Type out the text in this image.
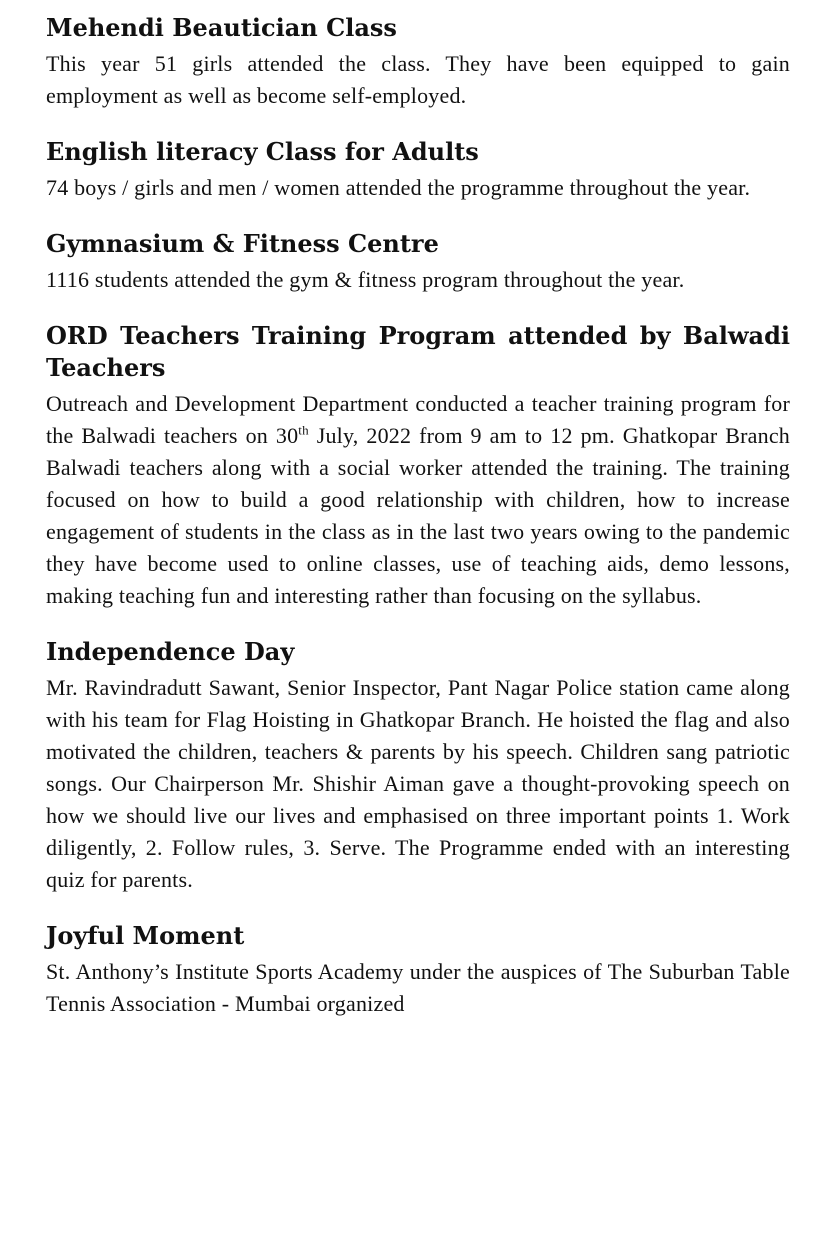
Mehendi Beautician Class

This year 51 girls attended the class. They have been equipped to gain employment as well as become self-employed.

English literacy Class for Adults

74 boys / girls and men / women attended the programme throughout the year.

Gymnasium & Fitness Centre

1116 students attended the gym & fitness program throughout the year.

ORD Teachers Training Program attended by Balwadi Teachers

Outreach and Development Department conducted a teacher training program for the Balwadi teachers on 30th July, 2022 from 9 am to 12 pm. Ghatkopar Branch Balwadi teachers along with a social worker attended the training. The training focused on how to build a good relationship with children, how to increase engagement of students in the class as in the last two years owing to the pandemic they have become used to online classes, use of teaching aids, demo lessons, making teaching fun and interesting rather than focusing on the syllabus.

Independence Day

Mr. Ravindradutt Sawant, Senior Inspector, Pant Nagar Police station came along with his team for Flag Hoisting in Ghatkopar Branch. He hoisted the flag and also motivated the children, teachers & parents by his speech. Children sang patriotic songs. Our Chairperson Mr. Shishir Aiman gave a thought-provoking speech on how we should live our lives and emphasised on three important points 1. Work diligently, 2. Follow rules, 3. Serve. The Programme ended with an interesting quiz for parents.

Joyful Moment

St. Anthony’s Institute Sports Academy under the auspices of The Suburban Table Tennis Association - Mumbai organized
